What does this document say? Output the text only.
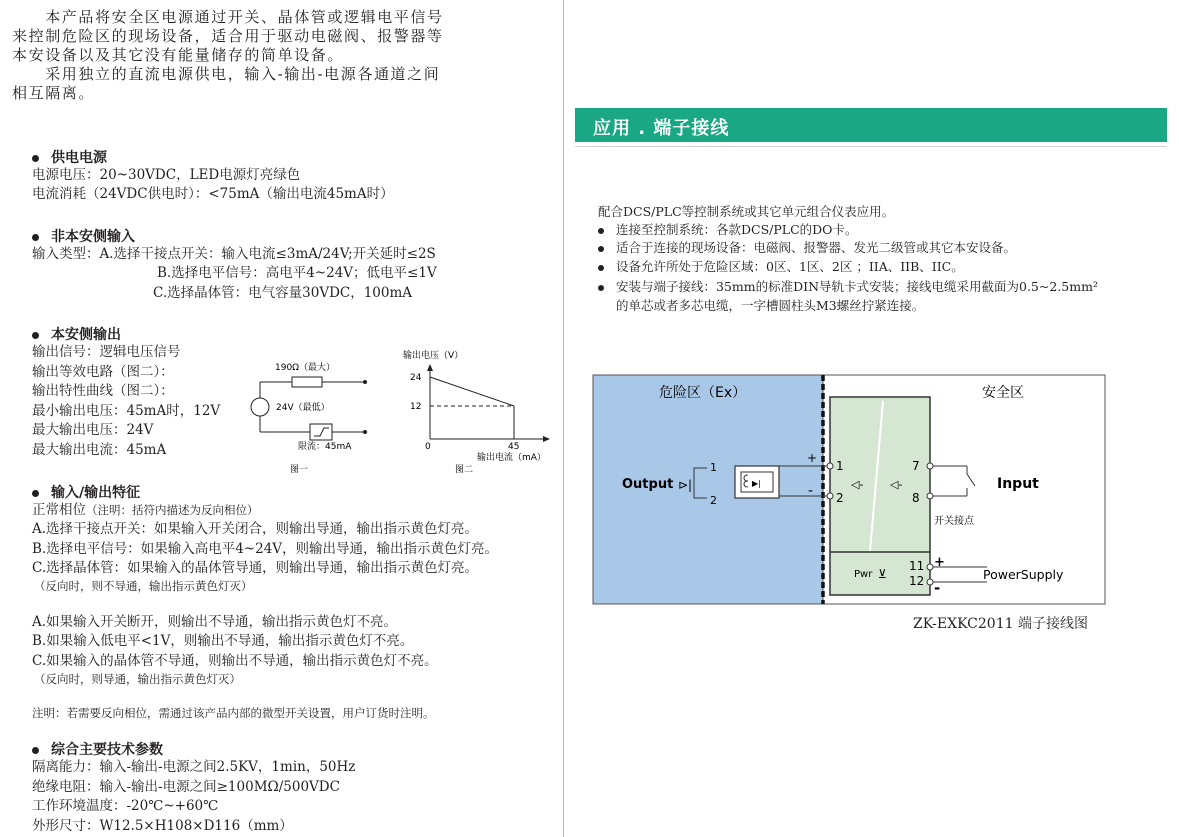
　　本产品将安全区电源通过开关、晶体管或逻辑电平信号
来控制危险区的现场设备，适合用于驱动电磁阀、报警器等
本安设备以及其它没有能量储存的简单设备。
　　采用独立的直流电源供电，输入-输出-电源各通道之间
相互隔离。
供电电源
电源电压：20~30VDC，LED电源灯亮绿色
电流消耗（24VDC供电时）：<75mA（输出电流45mA时）
非本安侧输入
输入类型：A.选择干接点开关：输入电流≤3mA/24V;开关延时≤2S
B.选择电平信号：高电平4~24V；低电平≤1V
C.选择晶体管：电气容量30VDC，100mA
本安侧输出
输出信号：逻辑电压信号
输出等效电路（图二）：
输出特性曲线（图二）：
最小输出电压：45mA时，12V
最大输出电压：24V
最大输出电流：45mA
190Ω（最大）
24V（最低）
限流：45mA
图一
输出电压（V）
24
12
0	45
输出电流（mA）
图二
输入/输出特征
正常相位（注明：括符内描述为反向相位）
A.选择干接点开关：如果输入开关闭合，则输出导通，输出指示黄色灯亮。
B.选择电平信号：如果输入高电平4~24V，则输出导通，输出指示黄色灯亮。
C.选择晶体管：如果输入的晶体管导通，则输出导通，输出指示黄色灯亮。
（反向时，则不导通，输出指示黄色灯灭）
A.如果输入开关断开，则输出不导通，输出指示黄色灯不亮。
B.如果输入低电平<1V，则输出不导通，输出指示黄色灯不亮。
C.如果输入的晶体管不导通，则输出不导通，输出指示黄色灯不亮。
（反向时，则导通，输出指示黄色灯灭）
注明：若需要反向相位，需通过该产品内部的微型开关设置，用户订货时注明。
综合主要技术参数
隔离能力：输入-输出-电源之间2.5KV，1min，50Hz
绝缘电阻：输入-输出-电源之间≥100MΩ/500VDC
工作环境温度：-20℃~+60℃
外形尺寸：W12.5×H108×D116（mm）
应用 . 端子接线
配合DCS/PLC等控制系统或其它单元组合仪表应用。
连接至控制系统：各款DCS/PLC的DO卡。
适合于连接的现场设备：电磁阀、报警器、发光二级管或其它本安设备。
设备允许所处于危险区域：0区、1区、2区 ；IIA、IIB、IIC。
安装与端子接线：35mm的标准DIN导轨卡式安装；接线电缆采用截面为0.5~2.5mm²
的单芯或者多芯电缆，一字槽圆柱头M3螺丝拧紧连接。
危险区（Ex）	安全区
◁‑ ◁‑
1
2
7
8
11
12
Pwr ⊻
▶|
+
-
1
2
Output ⊳|	Input
开关接点
+
-
PowerSupply
ZK-EXKC2011 端子接线图
